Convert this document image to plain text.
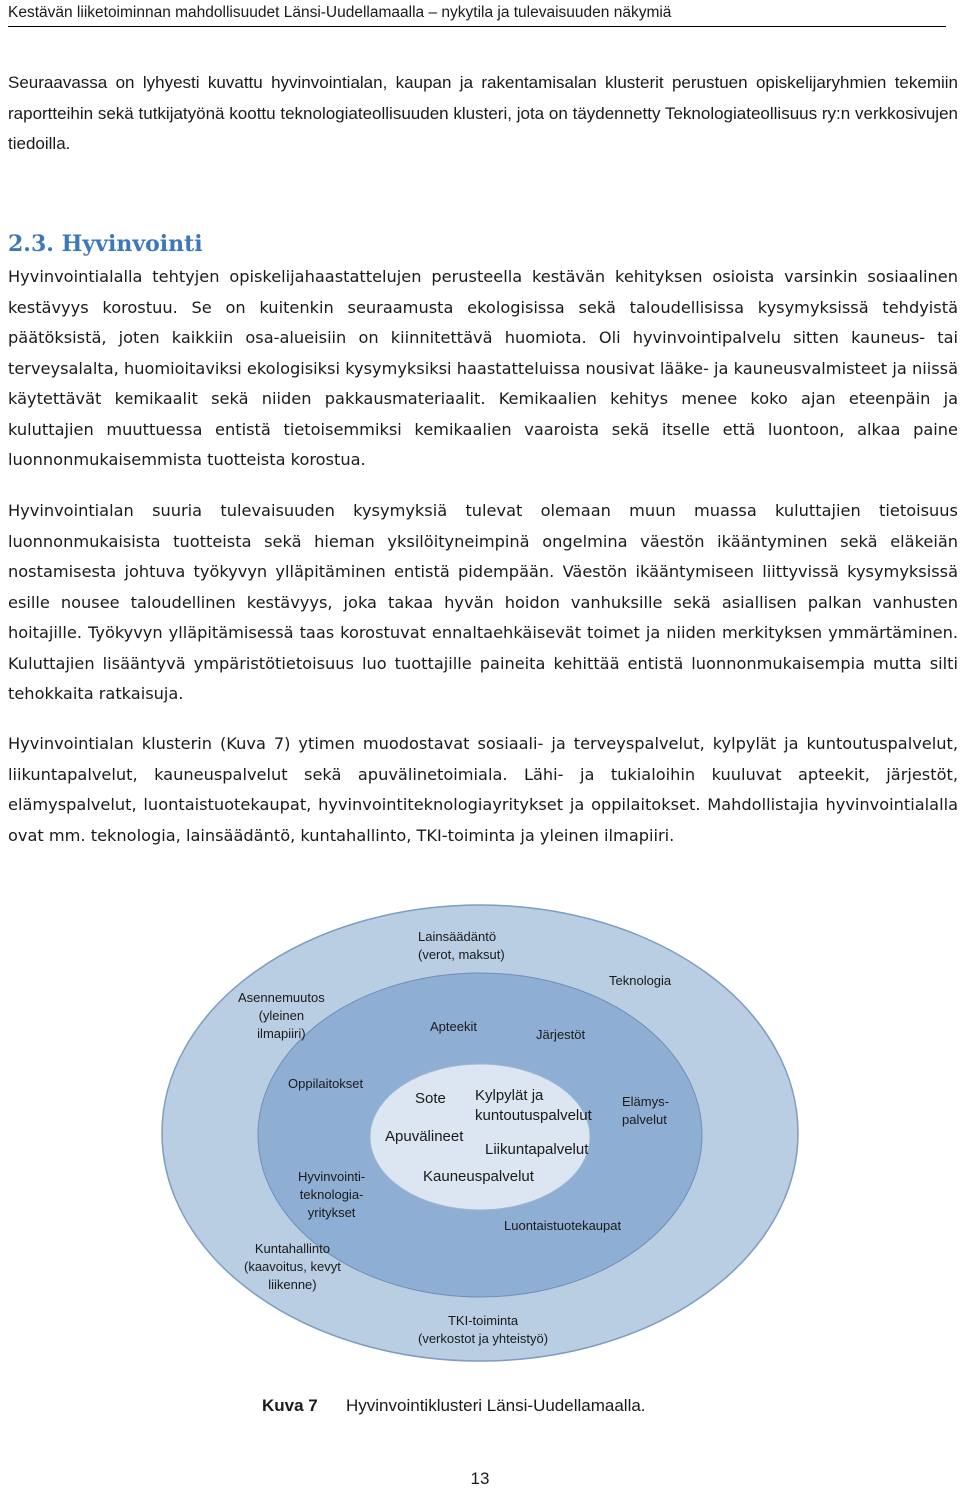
Kestävän liiketoiminnan mahdollisuudet Länsi-Uudellamaalla – nykytila ja tulevaisuuden näkymiä

Seuraavassa on lyhyesti kuvattu hyvinvointialan, kaupan ja rakentamisalan klusterit perustuen opiskelijaryhmien tekemiin raportteihin sekä tutkijatyönä koottu teknologiateollisuuden klusteri, jota on täydennetty Teknologiateollisuus ry:n verkkosivujen tiedoilla.

2.3. Hyvinvointi

Hyvinvointialalla tehtyjen opiskelijahaastattelujen perusteella kestävän kehityksen osioista varsinkin sosiaalinen kestävyys korostuu. Se on kuitenkin seuraamusta ekologisissa sekä taloudellisissa kysymyksissä tehdyistä päätöksistä, joten kaikkiin osa-alueisiin on kiinnitettävä huomiota. Oli hyvinvointipalvelu sitten kauneus- tai terveysalalta, huomioitaviksi ekologisiksi kysymyksiksi haastatteluissa nousivat lääke- ja kauneusvalmisteet ja niissä käytettävät kemikaalit sekä niiden pakkausmateriaalit. Kemikaalien kehitys menee koko ajan eteenpäin ja kuluttajien muuttuessa entistä tietoisemmiksi kemikaalien vaaroista sekä itselle että luontoon, alkaa paine luonnonmukaisemmista tuotteista korostua.

Hyvinvointialan suuria tulevaisuuden kysymyksiä tulevat olemaan muun muassa kuluttajien tietoisuus luonnonmukaisista tuotteista sekä hieman yksilöityneimpinä ongelmina väestön ikääntyminen sekä eläkeiän nostamisesta johtuva työkyvyn ylläpitäminen entistä pidempään. Väestön ikääntymiseen liittyvissä kysymyksissä esille nousee taloudellinen kestävyys, joka takaa hyvän hoidon vanhuksille sekä asiallisen palkan vanhusten hoitajille. Työkyvyn ylläpitämisessä taas korostuvat ennaltaehkäisevät toimet ja niiden merkityksen ymmärtäminen. Kuluttajien lisääntyvä ympäristötietoisuus luo tuottajille paineita kehittää entistä luonnonmukaisempia mutta silti tehokkaita ratkaisuja.

Hyvinvointialan klusterin (Kuva 7) ytimen muodostavat sosiaali- ja terveyspalvelut, kylpylät ja kuntoutuspalvelut, liikuntapalvelut, kauneuspalvelut sekä apuvälinetoimiala. Lähi- ja tukialoihin kuuluvat apteekit, järjestöt, elämyspalvelut, luontaistuotekaupat, hyvinvointiteknologiayritykset ja oppilaitokset. Mahdollistajia hyvinvointialalla ovat mm. teknologia, lainsäädäntö, kuntahallinto, TKI-toiminta ja yleinen ilmapiiri.

Lainsäädäntö
(verot, maksut)
Teknologia
Asennemuutos
(yleinen
ilmapiiri)
Kuntahallinto
(kaavoitus, kevyt
liikenne)
TKI-toiminta
(verkostot ja yhteistyö)
Apteekit
Järjestöt
Oppilaitokset
Elämys-
palvelut
Hyvinvointi-
teknologia-
yritykset
Luontaistuotekaupat
Sote Kylpylät ja
kuntoutuspalvelut
Apuvälineet
Liikuntapalvelut
Kauneuspalvelut
Kuva 7 Hyvinvointiklusteri Länsi-Uudellamaalla.
13
